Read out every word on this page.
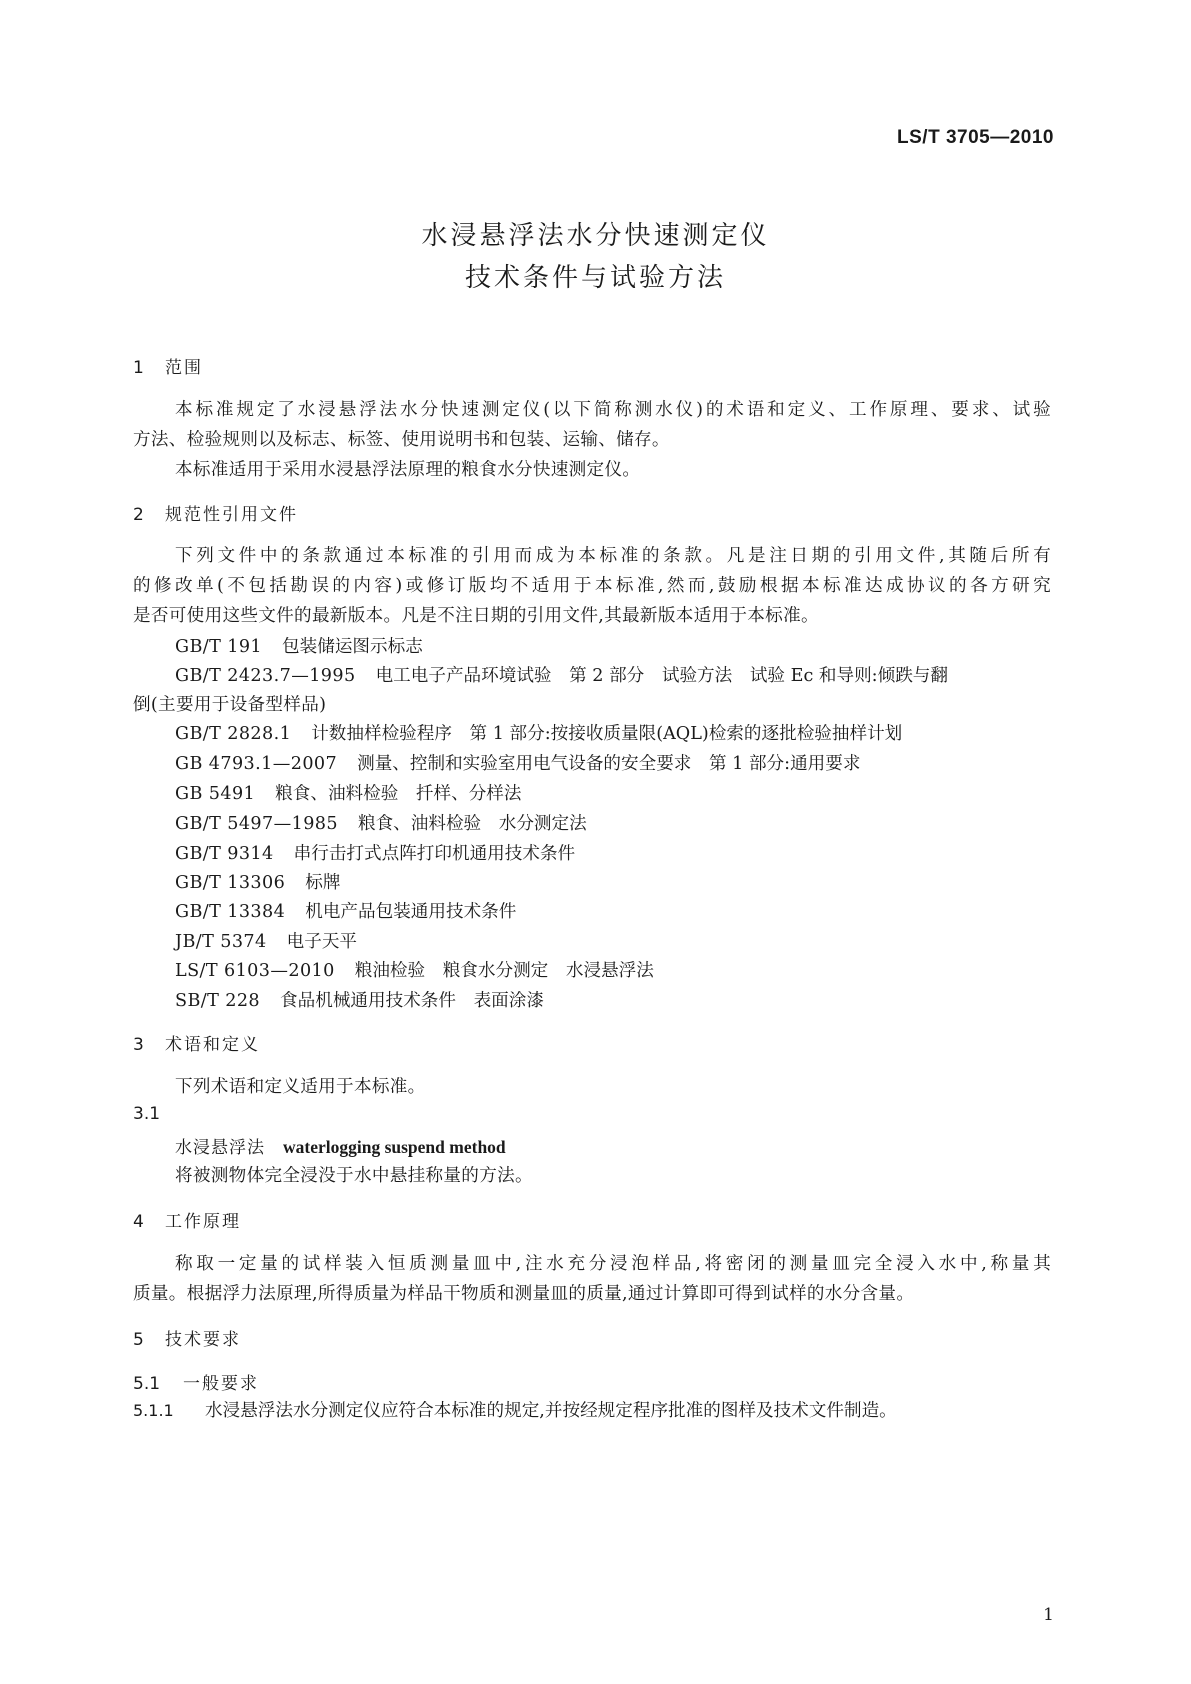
LS/T 3705—2010
水浸悬浮法水分快速测定仪
技术条件与试验方法
1 范围
本标准规定了水浸悬浮法水分快速测定仪(以下简称测水仪)的术语和定义、工作原理、要求、试验
方法、检验规则以及标志、标签、使用说明书和包装、运输、储存。
本标准适用于采用水浸悬浮法原理的粮食水分快速测定仪。
2 规范性引用文件
下列文件中的条款通过本标准的引用而成为本标准的条款。凡是注日期的引用文件,其随后所有
的修改单(不包括勘误的内容)或修订版均不适用于本标准,然而,鼓励根据本标准达成协议的各方研究
是否可使用这些文件的最新版本。凡是不注日期的引用文件,其最新版本适用于本标准。
GB/T 191 包装储运图示标志
GB/T 2423.7—1995 电工电子产品环境试验　第 2 部分　试验方法　试验 Ec 和导则:倾跌与翻
倒(主要用于设备型样品)
GB/T 2828.1 计数抽样检验程序　第 1 部分:按接收质量限(AQL)检索的逐批检验抽样计划
GB 4793.1—2007 测量、控制和实验室用电气设备的安全要求　第 1 部分:通用要求
GB 5491 粮食、油料检验　扦样、分样法
GB/T 5497—1985 粮食、油料检验　水分测定法
GB/T 9314 串行击打式点阵打印机通用技术条件
GB/T 13306 标牌
GB/T 13384 机电产品包装通用技术条件
JB/T 5374 电子天平
LS/T 6103—2010 粮油检验　粮食水分测定　水浸悬浮法
SB/T 228 食品机械通用技术条件　表面涂漆
3 术语和定义
下列术语和定义适用于本标准。
3.1
水浸悬浮法 waterlogging suspend method
将被测物体完全浸没于水中悬挂称量的方法。
4 工作原理
称取一定量的试样装入恒质测量皿中,注水充分浸泡样品,将密闭的测量皿完全浸入水中,称量其
质量。根据浮力法原理,所得质量为样品干物质和测量皿的质量,通过计算即可得到试样的水分含量。
5 技术要求
5.1 一般要求
5.1.1 水浸悬浮法水分测定仪应符合本标准的规定,并按经规定程序批准的图样及技术文件制造。
1
